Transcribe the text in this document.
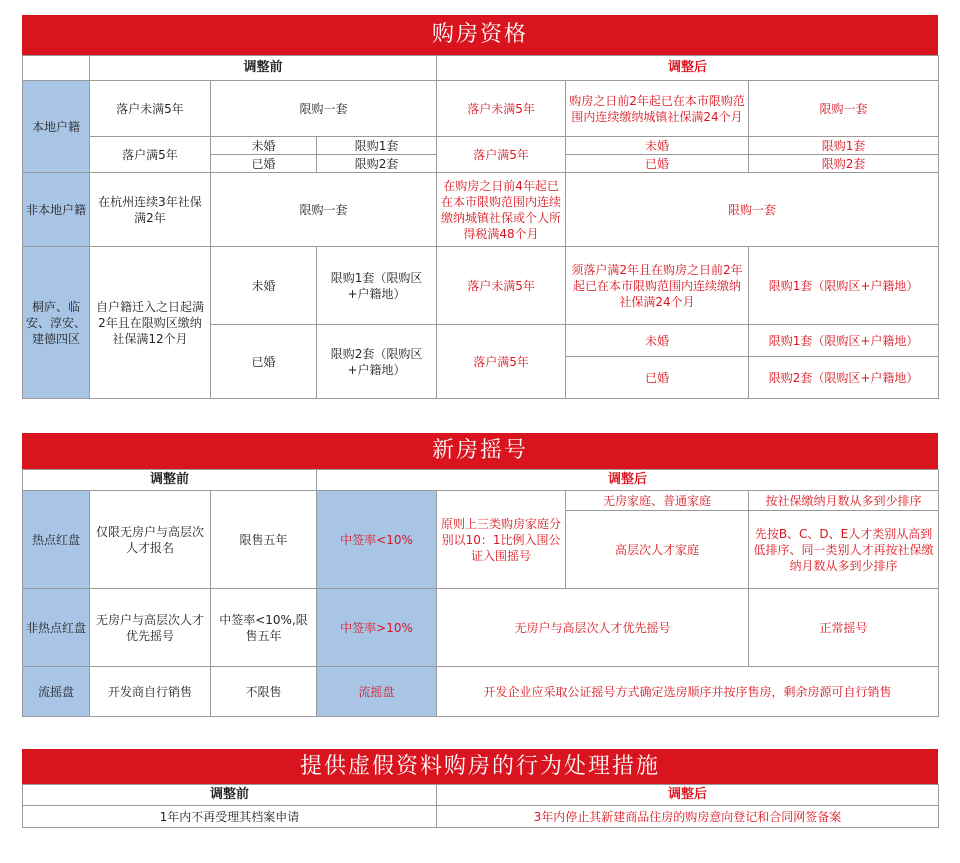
购房资格
	调整前			调整后		
本地户籍	落户未满5年	限购一套		落户未满5年	购房之日前2年起已在本市限购范围内连续缴纳城镇社保满24个月	限购一套
	落户满5年	未婚	限购1套	落户满5年	未婚	限购1套
		已婚	限购2套		已婚	限购2套
非本地户籍	在杭州连续3年社保满2年	限购一套		在购房之日前4年起已在本市限购范围内连续缴纳城镇社保或个人所得税满48个月	限购一套	
桐庐、临安、淳安、建德四区	自户籍迁入之日起满2年且在限购区缴纳社保满12个月	未婚	限购1套（限购区+户籍地）	落户未满5年	须落户满2年且在购房之日前2年起已在本市限购范围内连续缴纳社保满24个月	限购1套（限购区+户籍地）
		已婚	限购2套（限购区+户籍地）	落户满5年	未婚	限购1套（限购区+户籍地）
					已婚	限购2套（限购区+户籍地）
新房摇号
调整前			调整后			
热点红盘	仅限无房户与高层次人才报名	限售五年	中签率<10%	原则上三类购房家庭分别以10：1比例入围公证入围摇号	无房家庭、普通家庭	按社保缴纳月数从多到少排序
					高层次人才家庭	先按B、C、D、E人才类别从高到低排序、同一类别人才再按社保缴纳月数从多到少排序
非热点红盘	无房户与高层次人才优先摇号	中签率<10%,限售五年	中签率>10%	无房户与高层次人才优先摇号		正常摇号
流摇盘	开发商自行销售	不限售	流摇盘	开发企业应采取公证摇号方式确定选房顺序并按序售房，剩余房源可自行销售		
提供虚假资料购房的行为处理措施
调整前	调整后
1年内不再受理其档案申请	3年内停止其新建商品住房的购房意向登记和合同网签备案
